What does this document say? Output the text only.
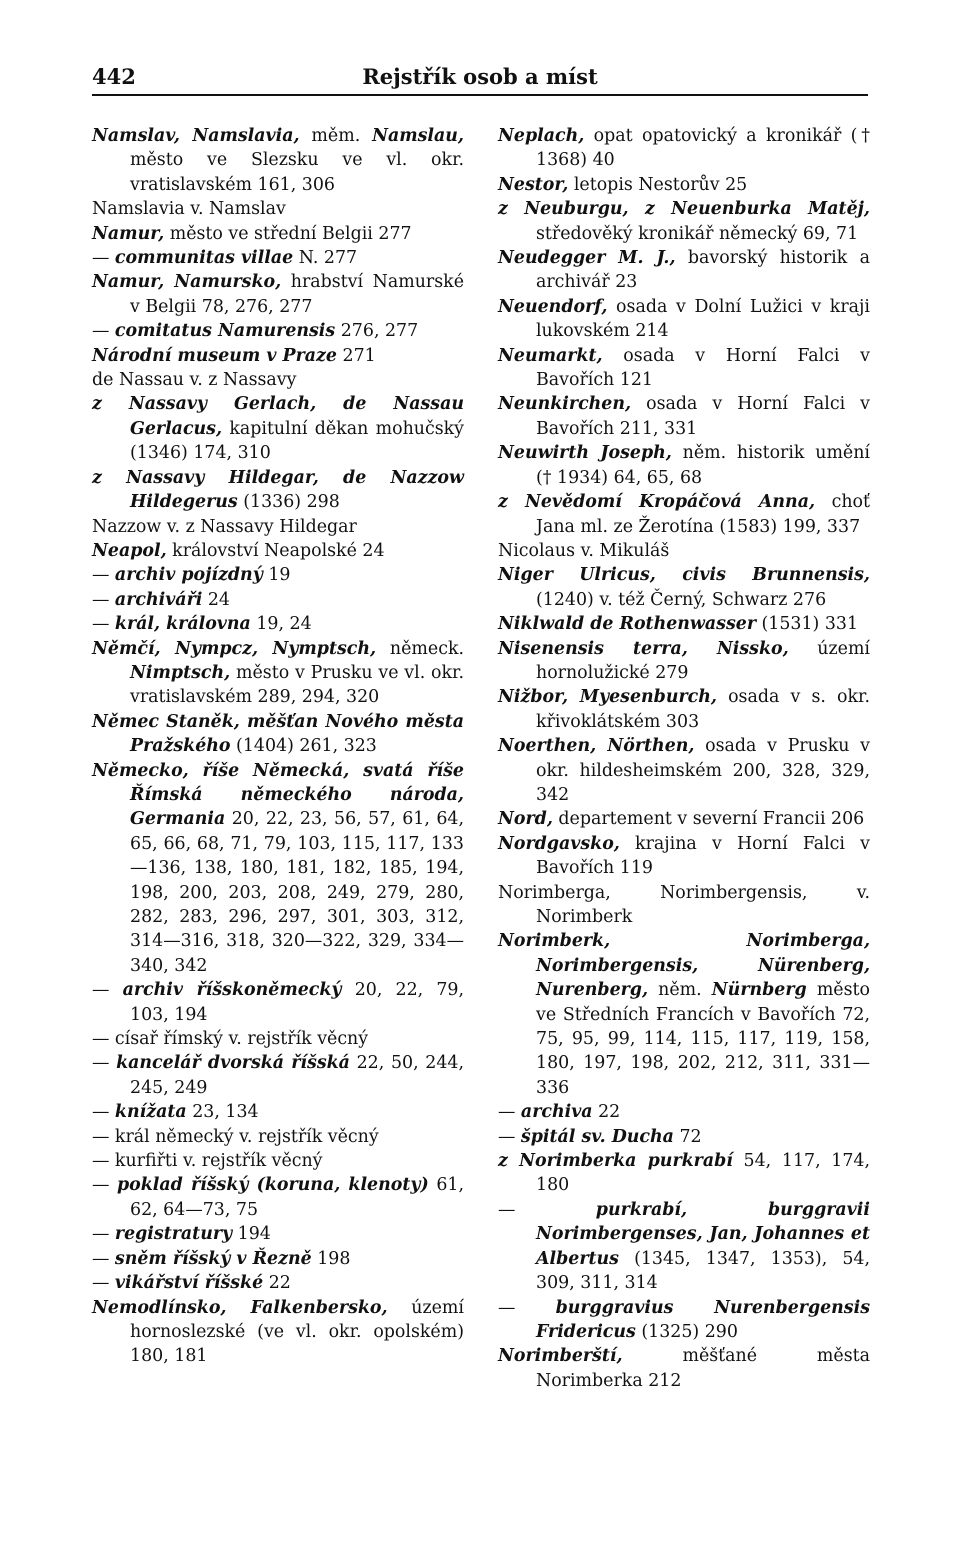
442	Rejstřík osob a míst
Namslav, Namslavia, měm. Namslau, město ve Slezsku ve vl. okr. vratislavském 161, 306
Namslavia v. Namslav
Namur, město ve střední Belgii 277
— communitas villae N. 277
Namur, Namursko, hrabství Namurské v Belgii 78, 276, 277
— comitatus Namurensis 276, 277
Národní museum v Praze 271
de Nassau v. z Nassavy
z Nassavy Gerlach, de Nassau Gerlacus, kapitulní děkan mohučský (1346) 174, 310
z Nassavy Hildegar, de Nazzow Hildegerus (1336) 298
Nazzow v. z Nassavy Hildegar
Neapol, království Neapolské 24
— archiv pojízdný 19
— archiváři 24
— král, královna 19, 24
Němčí, Nympcz, Nymptsch, německ. Nimptsch, město v Prusku ve vl. okr. vratislavském 289, 294, 320
Němec Staněk, měšťan Nového města Pražského (1404) 261, 323
Německo, říše Německá, svatá říše Římská německého národa, Germania 20, 22, 23, 56, 57, 61, 64, 65, 66, 68, 71, 79, 103, 115, 117, 133—136, 138, 180, 181, 182, 185, 194, 198, 200, 203, 208, 249, 279, 280, 282, 283, 296, 297, 301, 303, 312, 314—316, 318, 320—322, 329, 334—340, 342
— archiv říšskoněmecký 20, 22, 79, 103, 194
— císař římský v. rejstřík věcný
— kancelář dvorská říšská 22, 50, 244, 245, 249
— knížata 23, 134
— král německý v. rejstřík věcný
— kurfiřti v. rejstřík věcný
— poklad říšský (koruna, klenoty) 61, 62, 64—73, 75
— registratury 194
— sněm říšský v Řezně 198
— vikářství říšské 22
Nemodlínsko, Falkenbersko, území hornoslezské (ve vl. okr. opolském) 180, 181
Neplach, opat opatovický a kronikář († 1368) 40
Nestor, letopis Nestorův 25
z Neuburgu, z Neuenburka Matěj, středověký kronikář německý 69, 71
Neudegger M. J., bavorský historik a archivář 23
Neuendorf, osada v Dolní Lužici v kraji lukovském 214
Neumarkt, osada v Horní Falci v Bavořích 121
Neunkirchen, osada v Horní Falci v Bavořích 211, 331
Neuwirth Joseph, něm. historik umění († 1934) 64, 65, 68
z Nevědomí Kropáčová Anna, choť Jana ml. ze Žerotína (1583) 199, 337
Nicolaus v. Mikuláš
Niger Ulricus, civis Brunnensis, (1240) v. též Černý, Schwarz 276
Niklwald de Rothenwasser (1531) 331
Nisenensis terra, Nissko, území hornolužické 279
Nižbor, Myesenburch, osada v s. okr. křivoklátském 303
Noerthen, Nörthen, osada v Prusku v okr. hildesheimském 200, 328, 329, 342
Nord, departement v severní Francii 206
Nordgavsko, krajina v Horní Falci v Bavořích 119
Norimberga, Norimbergensis, v. Norimberk
Norimberk, Norimberga, Norimbergensis, Nürenberg, Nurenberg, něm. Nürnberg město ve Středních Francích v Bavořích 72, 75, 95, 99, 114, 115, 117, 119, 158, 180, 197, 198, 202, 212, 311, 331—336
— archiva 22
— špitál sv. Ducha 72
z Norimberka purkrabí 54, 117, 174, 180
— purkrabí, burggravii Norimbergenses, Jan, Johannes et Albertus (1345, 1347, 1353), 54, 309, 311, 314
— burggravius Nurenbergensis Fridericus (1325) 290
Norimberští, měšťané města Norimberka 212
